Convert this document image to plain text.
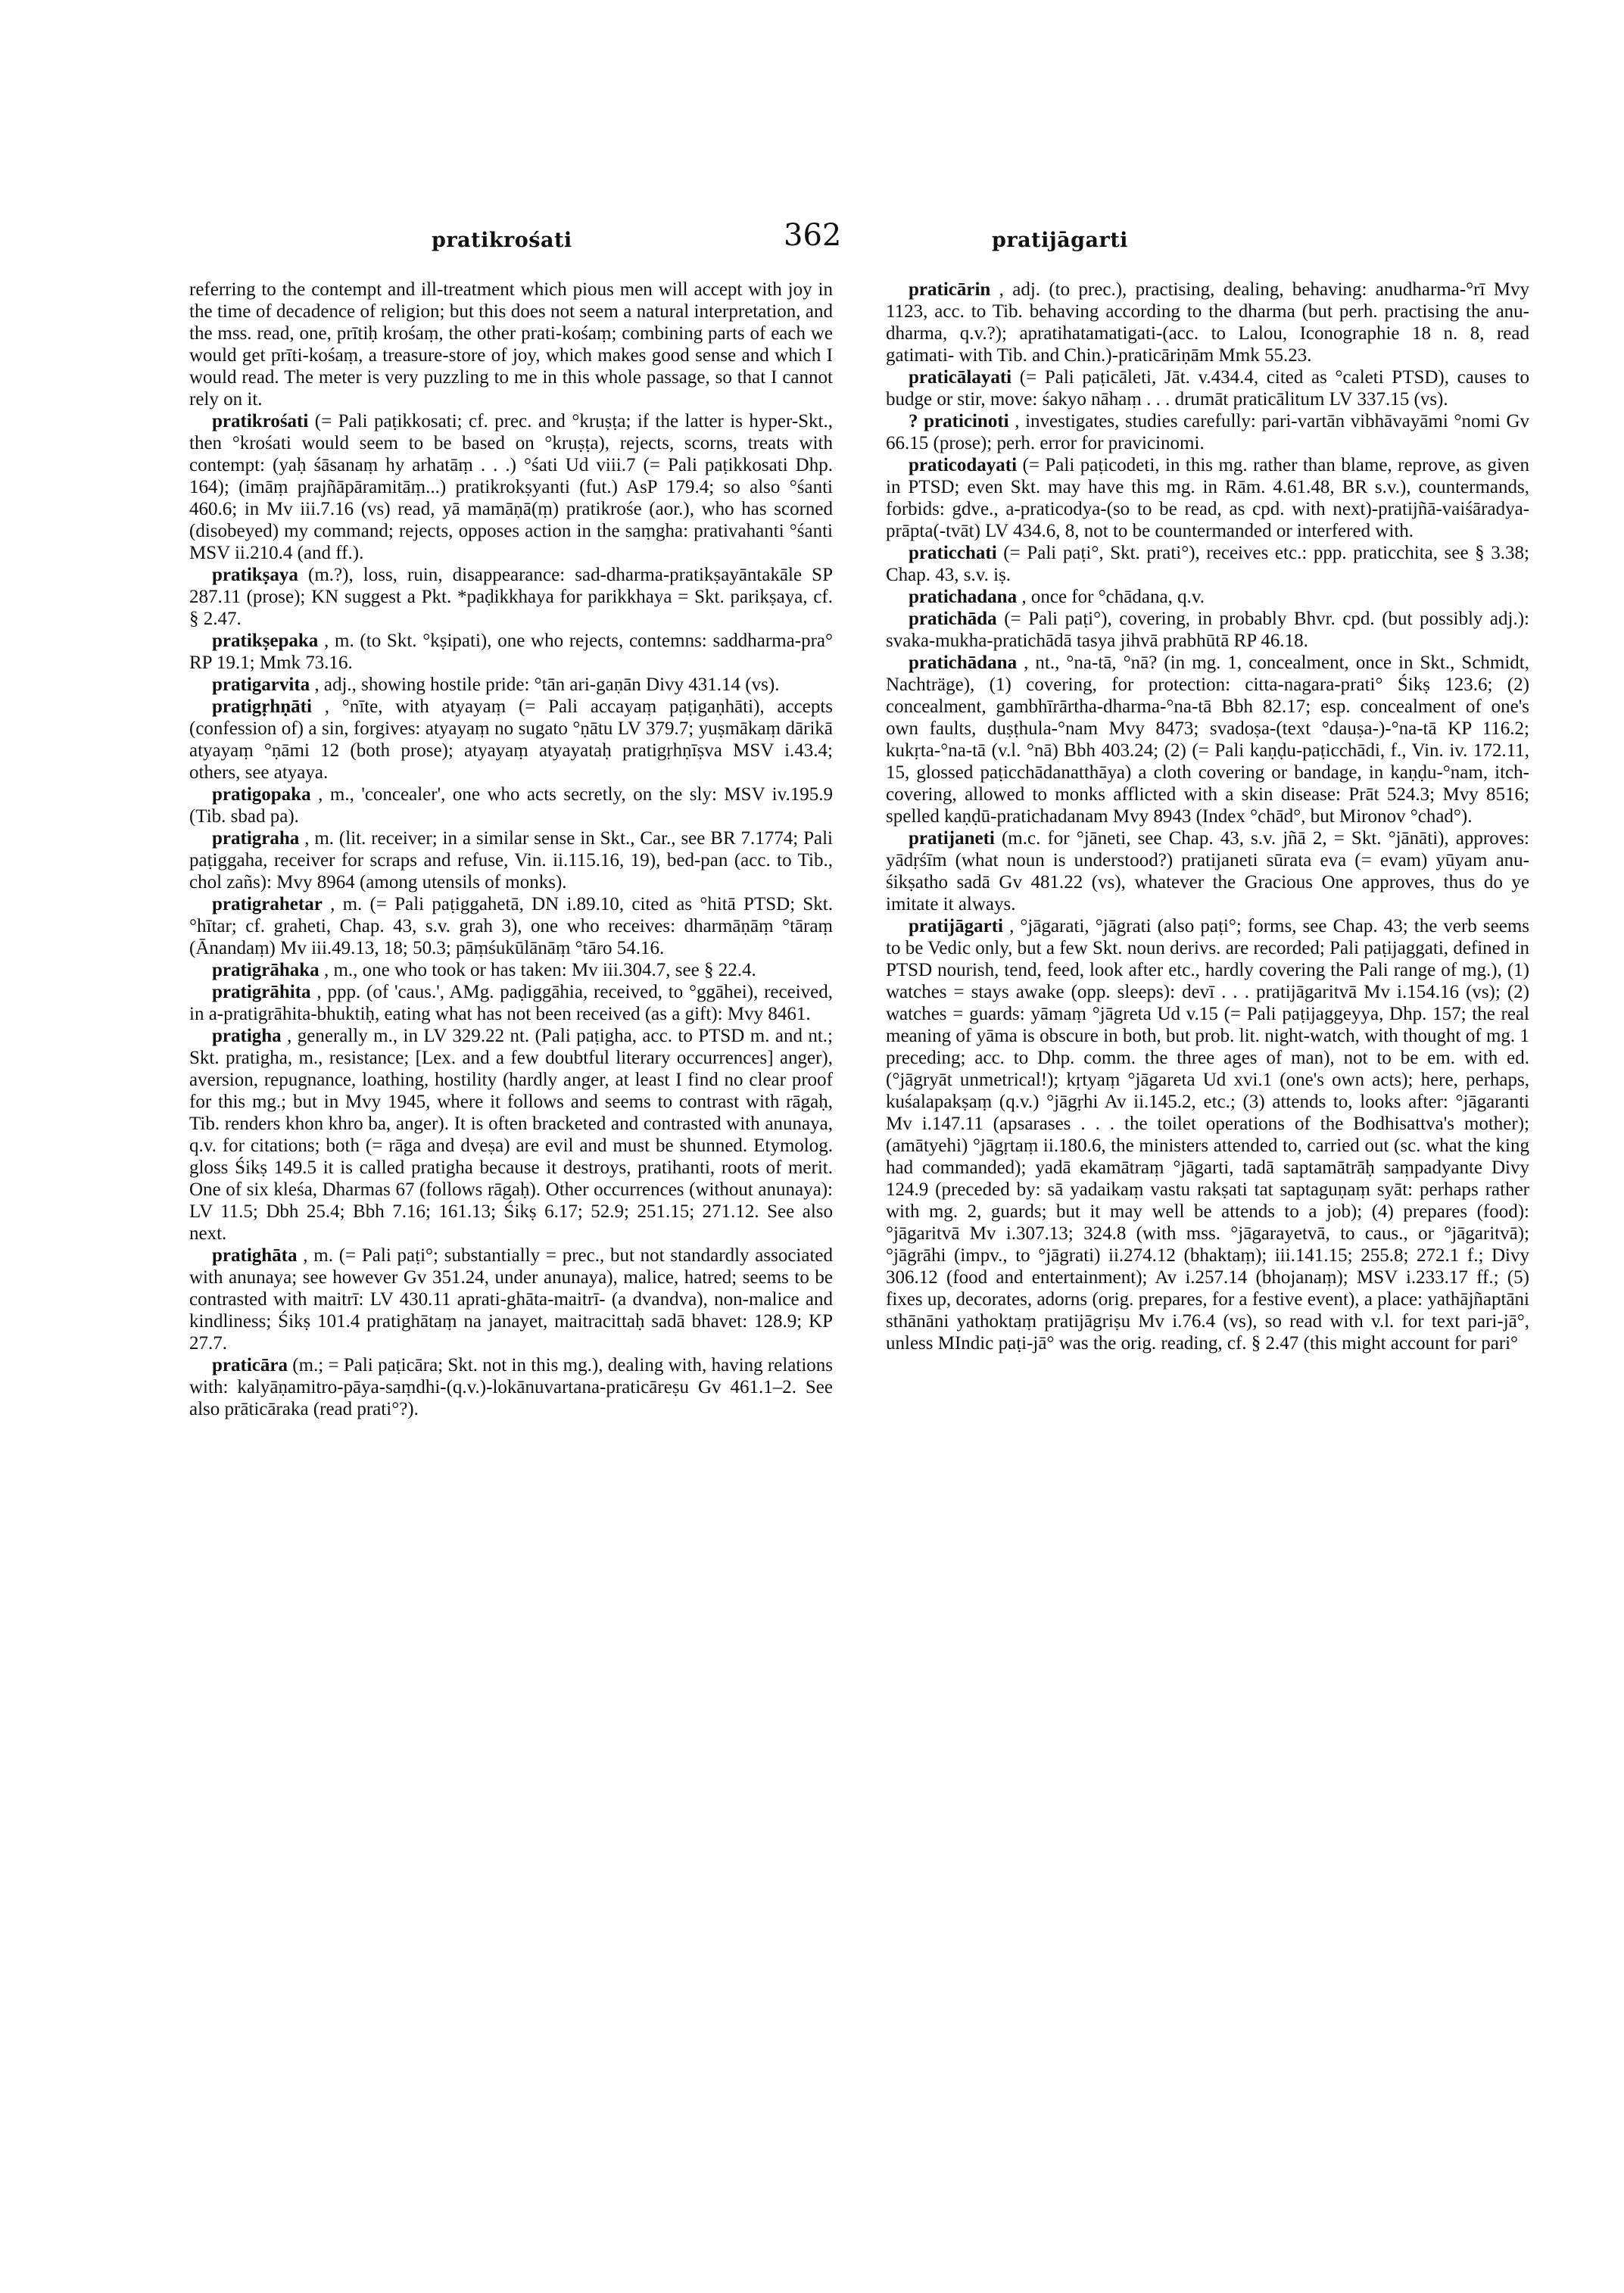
pratikrośati	362	pratijāgarti

referring to the contempt and ill-treatment which pious men will accept with joy in the time of decadence of religion; but this does not seem a natural interpretation, and the mss. read, one, prītiḥ krośaṃ, the other prati-kośaṃ; combining parts of each we would get prīti-kośaṃ, a treasure-store of joy, which makes good sense and which I would read. The meter is very puzzling to me in this whole passage, so that I cannot rely on it.

pratikrośati (= Pali paṭikkosati; cf. prec. and °kruṣṭa; if the latter is hyper-Skt., then °krośati would seem to be based on °kruṣṭa), rejects, scorns, treats with contempt: (yaḥ śāsanaṃ hy arhatāṃ . . .) °śati Ud viii.7 (= Pali paṭikkosati Dhp. 164); (imāṃ prajñāpāramitāṃ...) pratikrokṣyanti (fut.) AsP 179.4; so also °śanti 460.6; in Mv iii.7.16 (vs) read, yā mamāṇā(ṃ) pratikrośe (aor.), who has scorned (disobeyed) my command; rejects, opposes action in the saṃgha: prativahanti °śanti MSV ii.210.4 (and ff.).

pratikṣaya (m.?), loss, ruin, disappearance: sad-dharma-pratikṣayāntakāle SP 287.11 (prose); KN suggest a Pkt. *paḍikkhaya for parikkhaya = Skt. parikṣaya, cf. § 2.47.

pratikṣepaka , m. (to Skt. °kṣipati), one who rejects, contemns: saddharma-pra° RP 19.1; Mmk 73.16.

pratigarvita , adj., showing hostile pride: °tān ari-gaṇān Divy 431.14 (vs).

pratigṛhṇāti , °nīte, with atyayaṃ (= Pali accayaṃ paṭigaṇhāti), accepts (confession of) a sin, forgives: atyayaṃ no sugato °ṇātu LV 379.7; yuṣmākaṃ dārikā atyayaṃ °ṇāmi 12 (both prose); atyayaṃ atyayataḥ pratigṛhṇīṣva MSV i.43.4; others, see atyaya.

pratigopaka , m., 'concealer', one who acts secretly, on the sly: MSV iv.195.9 (Tib. sbad pa).

pratigraha , m. (lit. receiver; in a similar sense in Skt., Car., see BR 7.1774; Pali paṭiggaha, receiver for scraps and refuse, Vin. ii.115.16, 19), bed-pan (acc. to Tib., chol zañs): Mvy 8964 (among utensils of monks).

pratigrahetar , m. (= Pali paṭiggahetā, DN i.89.10, cited as °hitā PTSD; Skt. °hītar; cf. graheti, Chap. 43, s.v. grah 3), one who receives: dharmāṇāṃ °tāraṃ (Ānandaṃ) Mv iii.49.13, 18; 50.3; pāṃśukūlānāṃ °tāro 54.16.

pratigrāhaka , m., one who took or has taken: Mv iii.304.7, see § 22.4.

pratigrāhita , ppp. (of 'caus.', AMg. paḍiggāhia, received, to °ggāhei), received, in a-pratigrāhita-bhuktiḥ, eating what has not been received (as a gift): Mvy 8461.

pratigha , generally m., in LV 329.22 nt. (Pali paṭigha, acc. to PTSD m. and nt.; Skt. pratigha, m., resistance; [Lex. and a few doubtful literary occurrences] anger), aversion, repugnance, loathing, hostility (hardly anger, at least I find no clear proof for this mg.; but in Mvy 1945, where it follows and seems to contrast with rāgaḥ, Tib. renders khon khro ba, anger). It is often bracketed and contrasted with anunaya, q.v. for citations; both (= rāga and dveṣa) are evil and must be shunned. Etymolog. gloss Śikṣ 149.5 it is called pratigha because it destroys, pratihanti, roots of merit. One of six kleśa, Dharmas 67 (follows rāgaḥ). Other occurrences (without anunaya): LV 11.5; Dbh 25.4; Bbh 7.16; 161.13; Śikṣ 6.17; 52.9; 251.15; 271.12. See also next.

pratighāta , m. (= Pali paṭi°; substantially = prec., but not standardly associated with anunaya; see however Gv 351.24, under anunaya), malice, hatred; seems to be contrasted with maitrī: LV 430.11 aprati-ghāta-maitrī- (a dvandva), non-malice and kindliness; Śikṣ 101.4 pratighātaṃ na janayet, maitracittaḥ sadā bhavet: 128.9; KP 27.7.

praticāra (m.; = Pali paṭicāra; Skt. not in this mg.), dealing with, having relations with: kalyāṇamitro-pāya-saṃdhi-(q.v.)-lokānuvartana-praticāreṣu Gv 461.1–2. See also prāticāraka (read prati°?).

praticārin , adj. (to prec.), practising, dealing, behaving: anudharma-°rī Mvy 1123, acc. to Tib. behaving according to the dharma (but perh. practising the anu-dharma, q.v.?); apratihatamatigati-(acc. to Lalou, Iconographie 18 n. 8, read gatimati- with Tib. and Chin.)-praticāriṇām Mmk 55.23.

praticālayati (= Pali paṭicāleti, Jāt. v.434.4, cited as °caleti PTSD), causes to budge or stir, move: śakyo nāhaṃ . . . drumāt praticālitum LV 337.15 (vs).

? praticinoti , investigates, studies carefully: pari-vartān vibhāvayāmi °nomi Gv 66.15 (prose); perh. error for pravicinomi.

praticodayati (= Pali paṭicodeti, in this mg. rather than blame, reprove, as given in PTSD; even Skt. may have this mg. in Rām. 4.61.48, BR s.v.), countermands, forbids: gdve., a-praticodya-(so to be read, as cpd. with next)-pratijñā-vaiśāradya-prāpta(-tvāt) LV 434.6, 8, not to be countermanded or interfered with.

praticchati (= Pali paṭi°, Skt. prati°), receives etc.: ppp. praticchita, see § 3.38; Chap. 43, s.v. iṣ.

pratichadana , once for °chādana, q.v.

pratichāda (= Pali paṭi°), covering, in probably Bhvr. cpd. (but possibly adj.): svaka-mukha-pratichādā tasya jihvā prabhūtā RP 46.18.

pratichādana , nt., °na-tā, °nā? (in mg. 1, concealment, once in Skt., Schmidt, Nachträge), (1) covering, for protection: citta-nagara-prati° Śikṣ 123.6; (2) concealment, gambhīrārtha-dharma-°na-tā Bbh 82.17; esp. concealment of one's own faults, duṣṭhula-°nam Mvy 8473; svadoṣa-(text °dauṣa-)-°na-tā KP 116.2; kukṛta-°na-tā (v.l. °nā) Bbh 403.24; (2) (= Pali kaṇḍu-paṭicchādi, f., Vin. iv. 172.11, 15, glossed paṭicchādanatthāya) a cloth covering or bandage, in kaṇḍu-°nam, itch-covering, allowed to monks afflicted with a skin disease: Prāt 524.3; Mvy 8516; spelled kaṇḍū-pratichadanam Mvy 8943 (Index °chād°, but Mironov °chad°).

pratijaneti (m.c. for °jāneti, see Chap. 43, s.v. jñā 2, = Skt. °jānāti), approves: yādṛśīm (what noun is understood?) pratijaneti sūrata eva (= evam) yūyam anu-śikṣatho sadā Gv 481.22 (vs), whatever the Gracious One approves, thus do ye imitate it always.

pratijāgarti , °jāgarati, °jāgrati (also paṭi°; forms, see Chap. 43; the verb seems to be Vedic only, but a few Skt. noun derivs. are recorded; Pali paṭijaggati, defined in PTSD nourish, tend, feed, look after etc., hardly covering the Pali range of mg.), (1) watches = stays awake (opp. sleeps): devī . . . pratijāgaritvā Mv i.154.16 (vs); (2) watches = guards: yāmaṃ °jāgreta Ud v.15 (= Pali paṭijaggeyya, Dhp. 157; the real meaning of yāma is obscure in both, but prob. lit. night-watch, with thought of mg. 1 preceding; acc. to Dhp. comm. the three ages of man), not to be em. with ed. (°jāgryāt unmetrical!); kṛtyaṃ °jāgareta Ud xvi.1 (one's own acts); here, perhaps, kuśalapakṣaṃ (q.v.) °jāgṛhi Av ii.145.2, etc.; (3) attends to, looks after: °jāgaranti Mv i.147.11 (apsarases . . . the toilet operations of the Bodhisattva's mother); (amātyehi) °jāgṛtaṃ ii.180.6, the ministers attended to, carried out (sc. what the king had commanded); yadā ekamātraṃ °jāgarti, tadā saptamātrāḥ saṃpadyante Divy 124.9 (preceded by: sā yadaikaṃ vastu rakṣati tat saptaguṇaṃ syāt: perhaps rather with mg. 2, guards; but it may well be attends to a job); (4) prepares (food): °jāgaritvā Mv i.307.13; 324.8 (with mss. °jāgarayetvā, to caus., or °jāgaritvā); °jāgrāhi (impv., to °jāgrati) ii.274.12 (bhaktaṃ); iii.141.15; 255.8; 272.1 f.; Divy 306.12 (food and entertainment); Av i.257.14 (bhojanaṃ); MSV i.233.17 ff.; (5) fixes up, decorates, adorns (orig. prepares, for a festive event), a place: yathājñaptāni sthānāni yathoktaṃ pratijāgriṣu Mv i.76.4 (vs), so read with v.l. for text pari-jā°, unless MIndic paṭi-jā° was the orig. reading, cf. § 2.47 (this might account for pari°
